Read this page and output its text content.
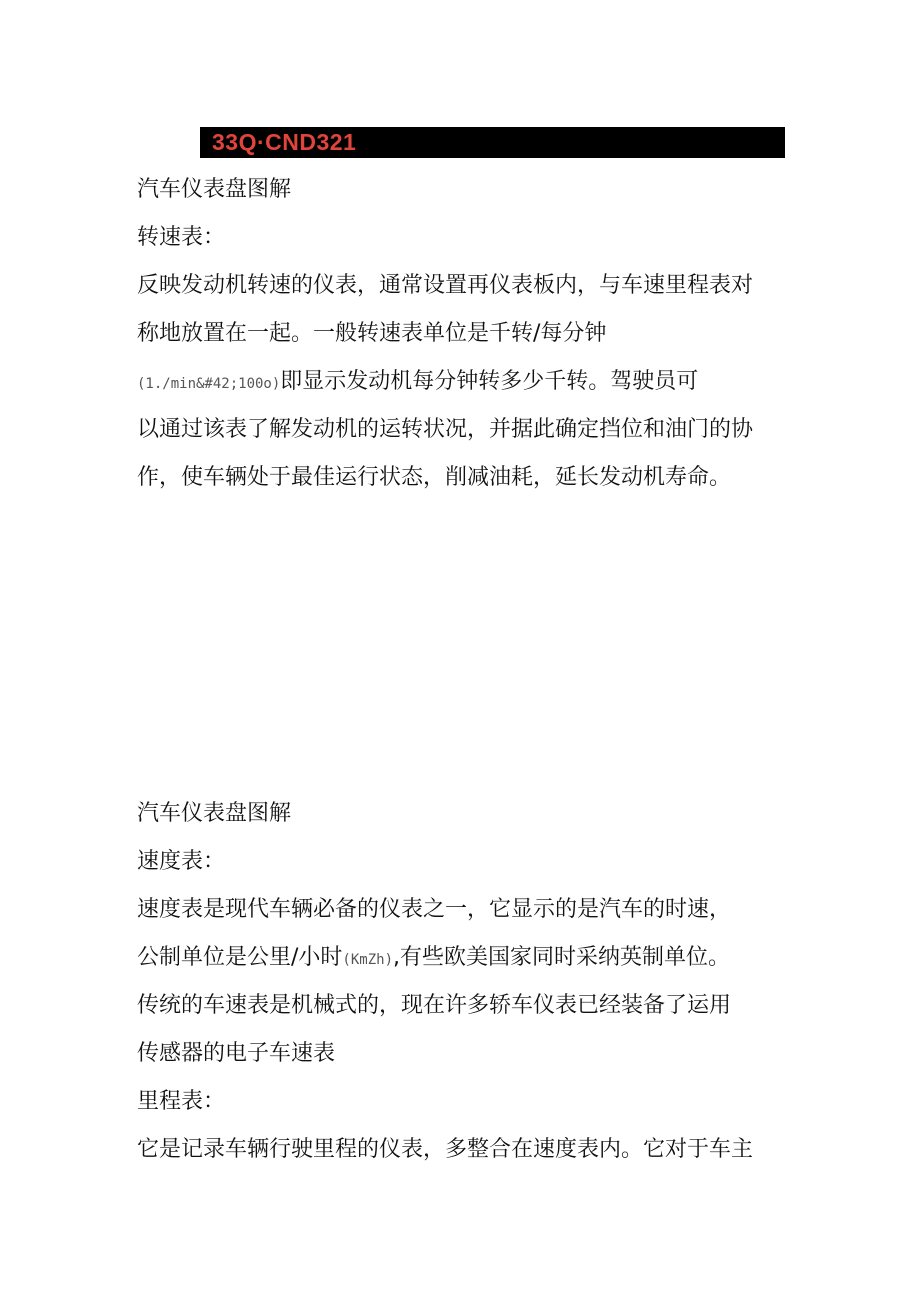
33Q·CND321

汽车仪表盘图解

转速表：

反映发动机转速的仪表，通常设置再仪表板内，与车速里程表对

称地放置在一起。一般转速表单位是千转/每分钟

(1./min&#42;100o)即显示发动机每分钟转多少千转。驾驶员可

以通过该表了解发动机的运转状况，并据此确定挡位和油门的协

作，使车辆处于最佳运行状态，削减油耗，延长发动机寿命。

汽车仪表盘图解

速度表：

速度表是现代车辆必备的仪表之一，它显示的是汽车的时速，

公制单位是公里/小时(KmZh),有些欧美国家同时采纳英制单位。

传统的车速表是机械式的，现在许多轿车仪表已经装备了运用

传感器的电子车速表

里程表：

它是记录车辆行驶里程的仪表，多整合在速度表内。它对于车主
